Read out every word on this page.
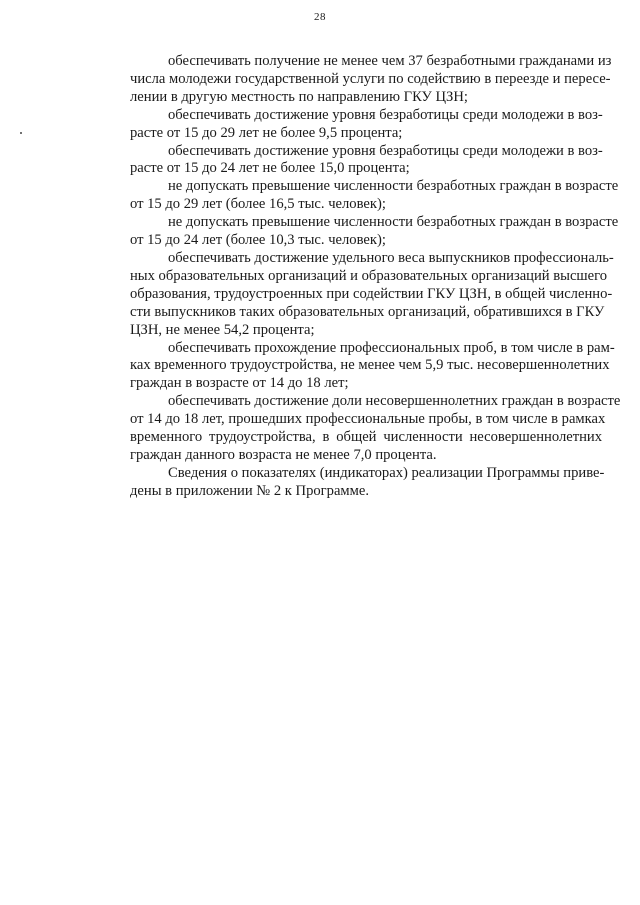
28

обеспечивать получение не менее чем 37 безработными гражданами из
числа молодежи государственной услуги по содействию в переезде и пересе-
лении в другую местность по направлению ГКУ ЦЗН;

обеспечивать достижение уровня безработицы среди молодежи в воз-
расте от 15 до 29 лет не более 9,5 процента;

обеспечивать достижение уровня безработицы среди молодежи в воз-
расте от 15 до 24 лет не более 15,0 процента;

не допускать превышение численности безработных граждан в возрасте
от 15 до 29 лет (более 16,5 тыс. человек);

не допускать превышение численности безработных граждан в возрасте
от 15 до 24 лет (более 10,3 тыс. человек);

обеспечивать достижение удельного веса выпускников профессиональ-
ных образовательных организаций и образовательных организаций высшего
образования, трудоустроенных при содействии ГКУ ЦЗН, в общей численно-
сти выпускников таких образовательных организаций, обратившихся в ГКУ
ЦЗН, не менее 54,2 процента;

обеспечивать прохождение профессиональных проб, в том числе в рам-
ках временного трудоустройства, не менее чем 5,9 тыс. несовершеннолетних
граждан в возрасте от 14 до 18 лет;

обеспечивать достижение доли несовершеннолетних граждан в возрасте
от 14 до 18 лет, прошедших профессиональные пробы, в том числе в рамках
временного трудоустройства, в общей численности несовершеннолетних
граждан данного возраста не менее 7,0 процента.

Сведения о показателях (индикаторах) реализации Программы приве-
дены в приложении № 2 к Программе.
